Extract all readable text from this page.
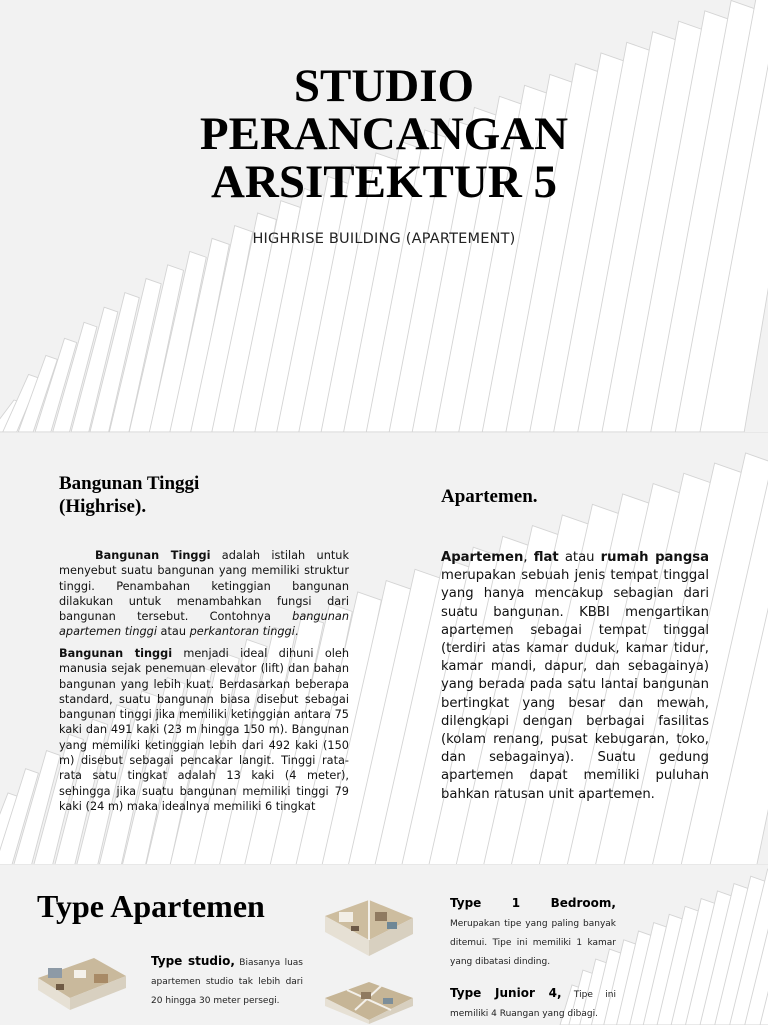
STUDIO
PERANCANGAN
ARSITEKTUR 5
HIGHRISE BUILDING (APARTEMENT)
Bangunan Tinggi
(Highrise).

Bangunan Tinggi adalah istilah untuk menyebut suatu bangunan yang memiliki struktur tinggi. Penambahan ketinggian bangunan dilakukan untuk menambahkan fungsi dari bangunan tersebut. Contohnya bangunan apartemen tinggi atau perkantoran tinggi.

Bangunan tinggi menjadi ideal dihuni oleh manusia sejak penemuan elevator (lift) dan bahan bangunan yang lebih kuat. Berdasarkan beberapa standard, suatu bangunan biasa disebut sebagai bangunan tinggi jika memiliki ketinggian antara 75 kaki dan 491 kaki (23 m hingga 150 m). Bangunan yang memiliki ketinggian lebih dari 492 kaki (150 m) disebut sebagai pencakar langit. Tinggi rata-rata satu tingkat adalah 13 kaki (4 meter), sehingga jika suatu bangunan memiliki tinggi 79 kaki (24 m) maka idealnya memiliki 6 tingkat

Apartemen.

Apartemen, flat atau rumah pangsa merupakan sebuah jenis tempat tinggal yang hanya mencakup sebagian dari suatu bangunan. KBBI mengartikan apartemen sebagai tempat tinggal (terdiri atas kamar duduk, kamar tidur, kamar mandi, dapur, dan sebagainya) yang berada pada satu lantai bangunan bertingkat yang besar dan mewah, dilengkapi dengan berbagai fasilitas (kolam renang, pusat kebugaran, toko, dan sebagainya). Suatu gedung apartemen dapat memiliki puluhan bahkan ratusan unit apartemen.

Type Apartemen

Type studio, Biasanya luas apartemen studio tak lebih dari 20 hingga 30 meter persegi.

Type 1 Bedroom, Merupakan tipe yang paling banyak ditemui. Tipe ini memiliki 1 kamar yang dibatasi dinding.

Type Junior 4, Tipe ini memiliki 4 Ruangan yang dibagi.
